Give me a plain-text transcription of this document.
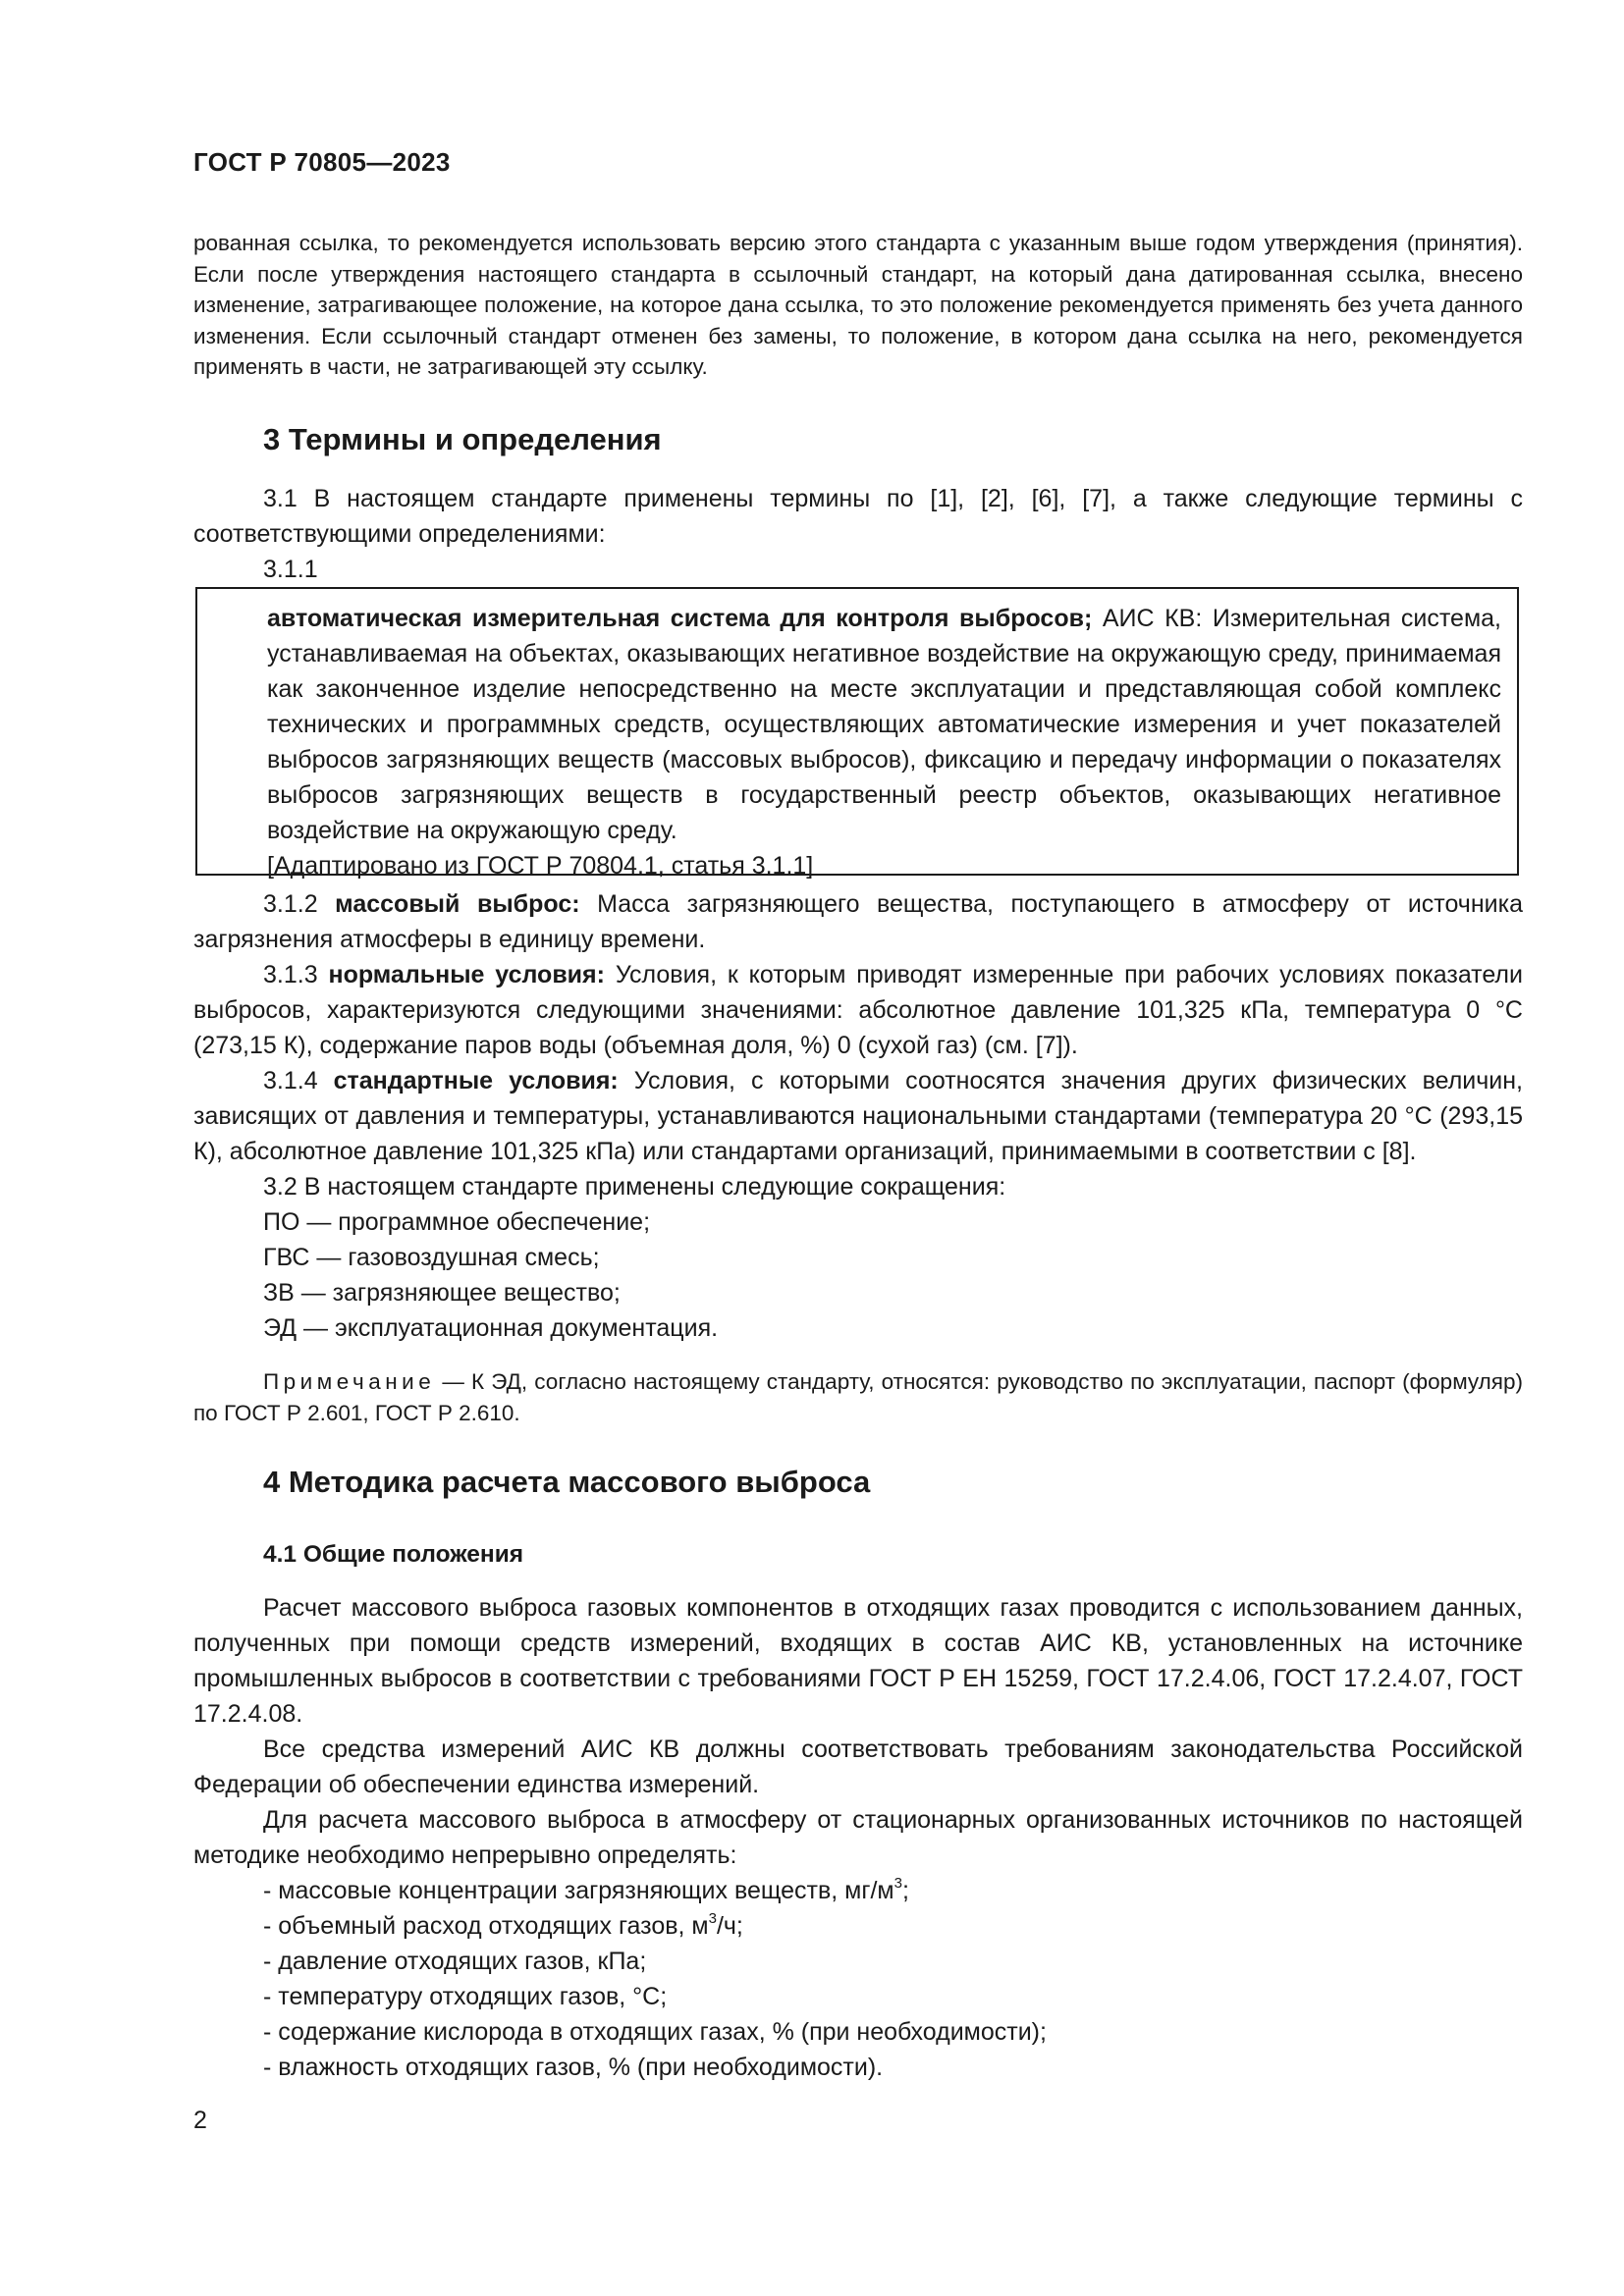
ГОСТ Р 70805—2023

рованная ссылка, то рекомендуется использовать версию этого стандарта с указанным выше годом утверждения (принятия). Если после утверждения настоящего стандарта в ссылочный стандарт, на который дана датированная ссылка, внесено изменение, затрагивающее положение, на которое дана ссылка, то это положение рекомендуется применять без учета данного изменения. Если ссылочный стандарт отменен без замены, то положение, в котором дана ссылка на него, рекомендуется применять в части, не затрагивающей эту ссылку.

3 Термины и определения

3.1 В настоящем стандарте применены термины по [1], [2], [6], [7], а также следующие термины с соответствующими определениями:

3.1.1

автоматическая измерительная система для контроля выбросов; АИС КВ: Измерительная система, устанавливаемая на объектах, оказывающих негативное воздействие на окружающую среду, принимаемая как законченное изделие непосредственно на месте эксплуатации и представляющая собой комплекс технических и программных средств, осуществляющих автоматические измерения и учет показателей выбросов загрязняющих веществ (массовых выбросов), фиксацию и передачу информации о показателях выбросов загрязняющих веществ в государственный реестр объектов, оказывающих негативное воздействие на окружающую среду.

[Адаптировано из ГОСТ Р 70804.1, статья 3.1.1]

3.1.2 массовый выброс: Масса загрязняющего вещества, поступающего в атмосферу от источника загрязнения атмосферы в единицу времени.

3.1.3 нормальные условия: Условия, к которым приводят измеренные при рабочих условиях показатели выбросов, характеризуются следующими значениями: абсолютное давление 101,325 кПа, температура 0 °С (273,15 К), содержание паров воды (объемная доля, %) 0 (сухой газ) (см. [7]).

3.1.4 стандартные условия: Условия, с которыми соотносятся значения других физических величин, зависящих от давления и температуры, устанавливаются национальными стандартами (температура 20 °С (293,15 К), абсолютное давление 101,325 кПа) или стандартами организаций, принимаемыми в соответствии с [8].

3.2 В настоящем стандарте применены следующие сокращения:

ПО — программное обеспечение;

ГВС — газовоздушная смесь;

ЗВ — загрязняющее вещество;

ЭД — эксплуатационная документация.

Примечание — К ЭД, согласно настоящему стандарту, относятся: руководство по эксплуатации, паспорт (формуляр) по ГОСТ Р 2.601, ГОСТ Р 2.610.

4 Методика расчета массового выброса
4.1 Общие положения

Расчет массового выброса газовых компонентов в отходящих газах проводится с использованием данных, полученных при помощи средств измерений, входящих в состав АИС КВ, установленных на источнике промышленных выбросов в соответствии с требованиями ГОСТ Р ЕН 15259, ГОСТ 17.2.4.06, ГОСТ 17.2.4.07, ГОСТ 17.2.4.08.

Все средства измерений АИС КВ должны соответствовать требованиям законодательства Российской Федерации об обеспечении единства измерений.

Для расчета массового выброса в атмосферу от стационарных организованных источников по настоящей методике необходимо непрерывно определять:

- массовые концентрации загрязняющих веществ, $мг/м^3$;

- объемный расход отходящих газов, $м^3/ч$;

- давление отходящих газов, кПа;

- температуру отходящих газов, °С;

- содержание кислорода в отходящих газах, % (при необходимости);

- влажность отходящих газов, % (при необходимости).

2
